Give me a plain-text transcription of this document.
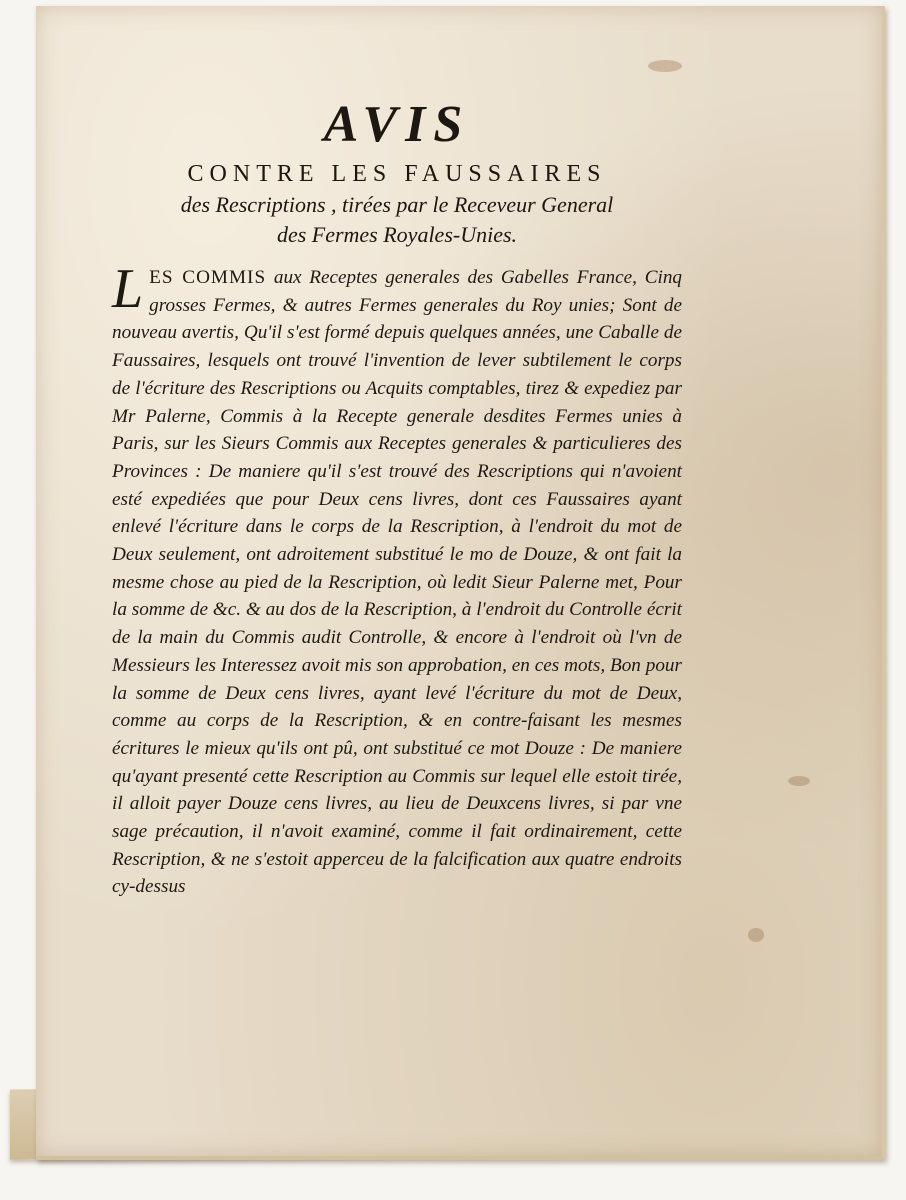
AVIS

CONTRE LES FAUSSAIRES

des Rescriptions , tirées par le Receveur General

des Fermes Royales-Unies.

LES COMMIS aux Receptes generales des Gabelles France, Cinq grosses Fermes, & autres Fermes generales du Roy unies; Sont de nouveau avertis, Qu'il s'est formé depuis quelques années, une Caballe de Faussaires, lesquels ont trouvé l'invention de lever subtilement le corps de l'écriture des Rescriptions ou Acquits comptables, tirez & expediez par Mr Palerne, Commis à la Recepte generale desdites Fermes unies à Paris, sur les Sieurs Commis aux Receptes generales & particulieres des Provinces : De maniere qu'il s'est trouvé des Rescriptions qui n'avoient esté expediées que pour Deux cens livres, dont ces Faussaires ayant enlevé l'écriture dans le corps de la Rescription, à l'endroit du mot de Deux seulement, ont adroitement substitué le mo de Douze, & ont fait la mesme chose au pied de la Rescription, où ledit Sieur Palerne met, Pour la somme de &c. & au dos de la Rescription, à l'endroit du Controlle écrit de la main du Commis audit Controlle, & encore à l'endroit où l'vn de Messieurs les Interessez avoit mis son approbation, en ces mots, Bon pour la somme de Deux cens livres, ayant levé l'écriture du mot de Deux, comme au corps de la Rescription, & en contre-faisant les mesmes écritures le mieux qu'ils ont pû, ont substitué ce mot Douze : De maniere qu'ayant presenté cette Rescription au Commis sur lequel elle estoit tirée, il alloit payer Douze cens livres, au lieu de Deuxcens livres, si par vne sage précaution, il n'avoit examiné, comme il fait ordinairement, cette Rescription, & ne s'estoit apperceu de la falcification aux quatre endroits cy-dessus
